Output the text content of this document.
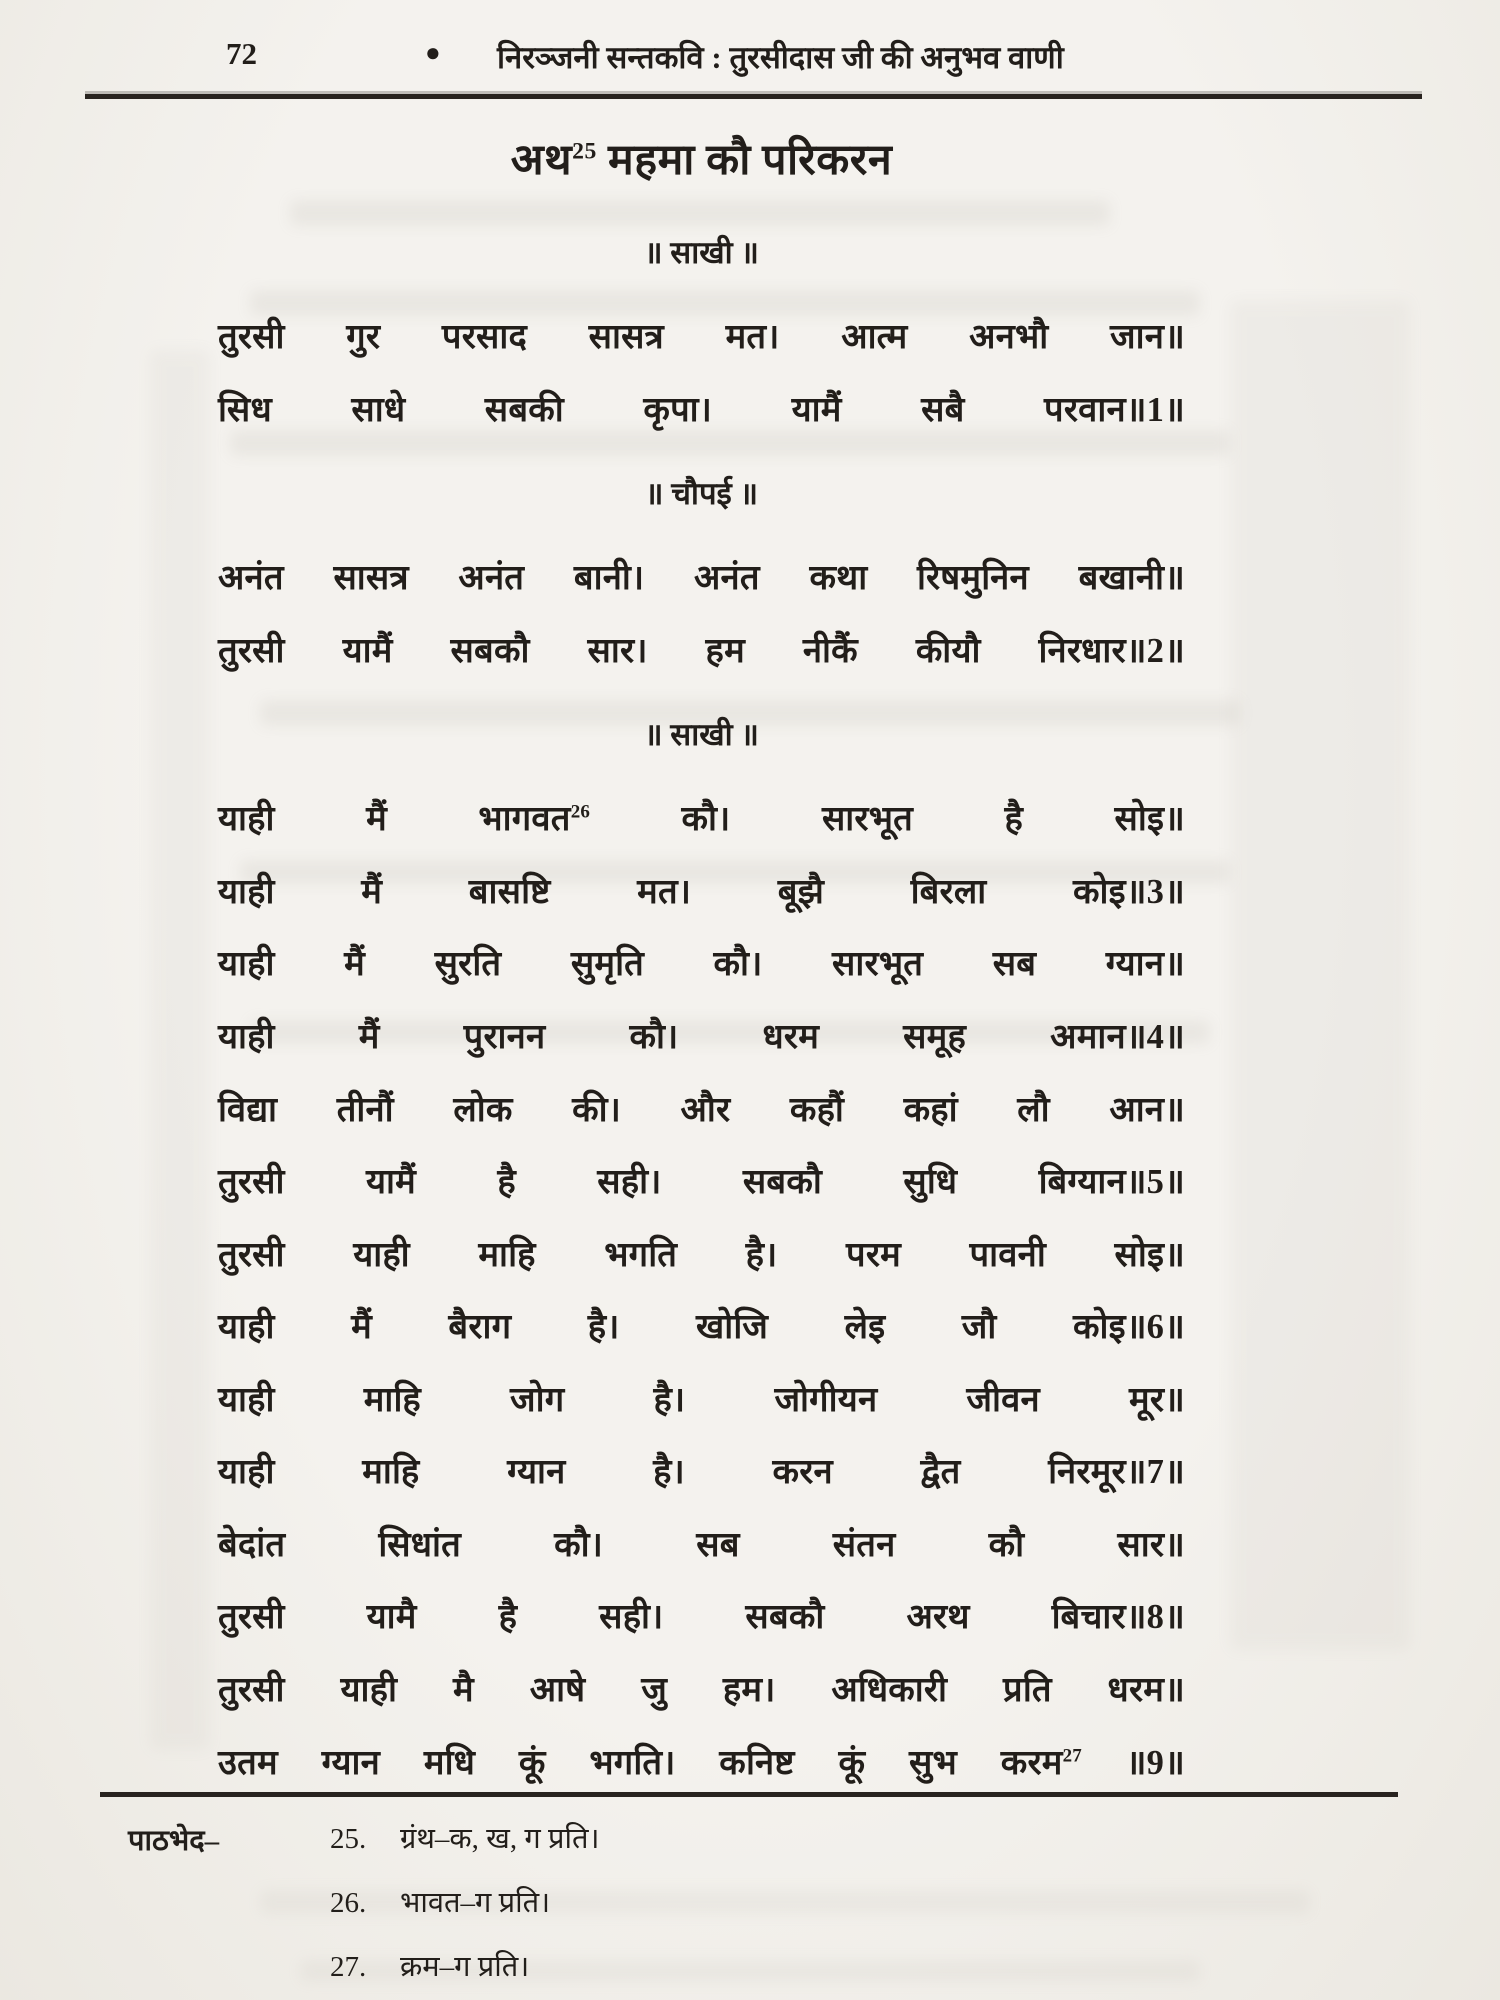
72	● निरञ्जनी सन्तकवि : तुरसीदास जी की अनुभव वाणी
अथ$^{25}$ महमा कौ परिकरन
॥ साखी ॥
तुरसी गुर परसाद सासत्र मत। आत्म अनभौ जान॥
सिध साधे सबकी कृपा। यामैं सबै परवान॥1॥
॥ चौपई ॥
अनंत सासत्र अनंत बानी। अनंत कथा रिषमुनिन बखानी॥
तुरसी यामैं सबकौ सार। हम नीकैं कीयौ निरधार॥2॥
॥ साखी ॥
याही मैं भागवत$^{26}$ कौ। सारभूत है सोइ॥
याही मैं बासष्टि मत। बूझै बिरला कोइ॥3॥
याही मैं सुरति सुमृति कौ। सारभूत सब ग्यान॥
याही मैं पुरानन कौ। धरम समूह अमान॥4॥
विद्या तीनौं लोक की। और कहौं कहां लौ आन॥
तुरसी यामैं है सही। सबकौ सुधि बिग्यान॥5॥
तुरसी याही माहि भगति है। परम पावनी सोइ॥
याही मैं बैराग है। खोजि लेइ जौ कोइ॥6॥
याही माहि जोग है। जोगीयन जीवन मूर॥
याही माहि ग्यान है। करन द्वैत निरमूर॥7॥
बेदांत सिधांत कौ। सब संतन कौ सार॥
तुरसी यामै है सही। सबकौ अरथ बिचार॥8॥
तुरसी याही मै आषे जु हम। अधिकारी प्रति धरम॥
उतम ग्यान मधि कूं भगति। कनिष्ट कूं सुभ करम$^{27}$ ॥9॥
पाठभेद–	25. ग्रंथ–क, ख, ग प्रति।
26. भावत–ग प्रति।
27. क्रम–ग प्रति।
